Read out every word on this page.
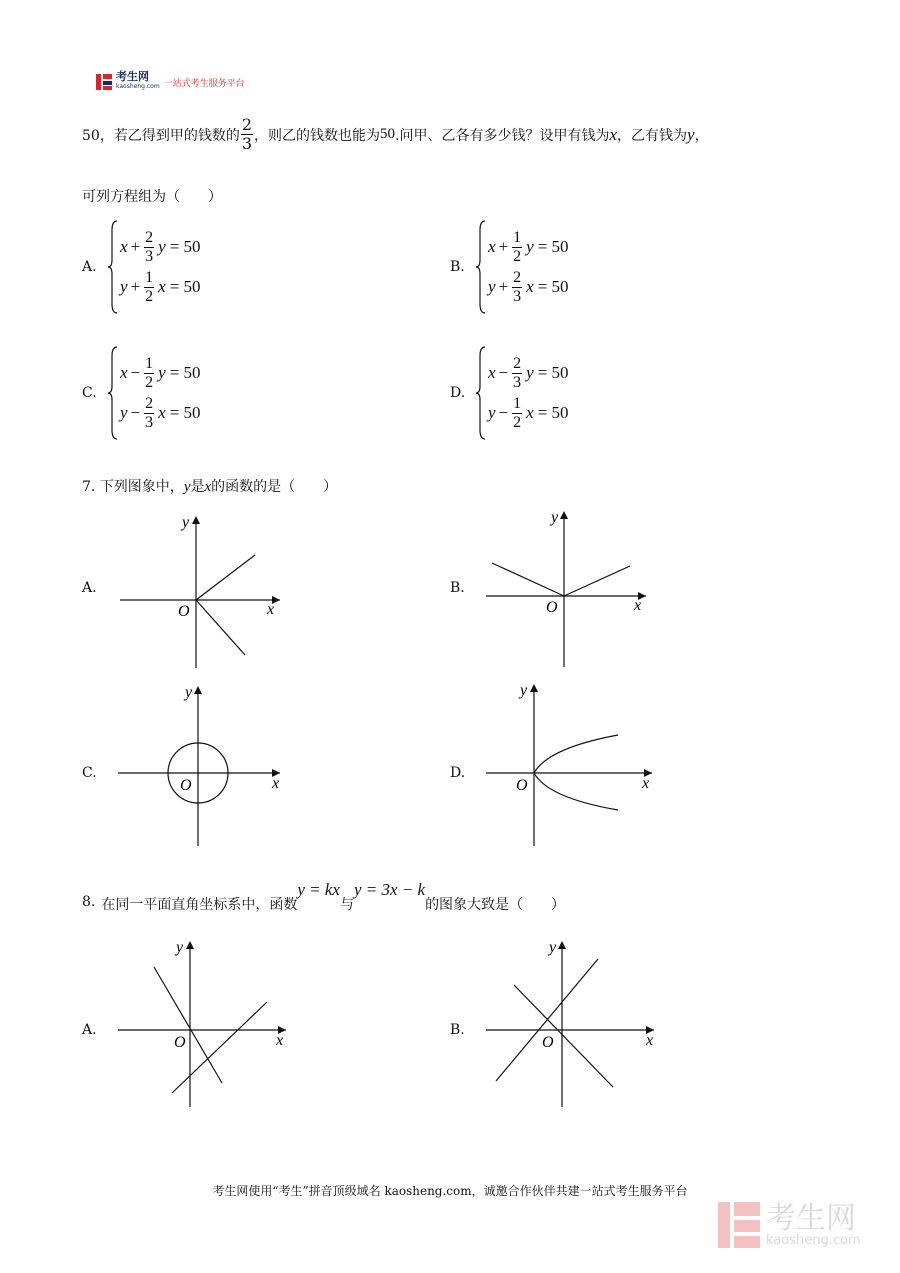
考生网
kaosheng.com 一站式考生服务平台
50，若乙得到甲的钱数的 $\frac{2}{3}$ ，则乙的钱数也能为 50 .问甲、乙各有多少钱？设甲有钱为 x ，乙有钱为 y ，
可列方程组为（　　）
A.
$x + \frac{2}{3}$ y = 50
$y + \frac{1}{2}$ x = 50
B.
$x + \frac{1}{2}$ y = 50
$y + \frac{2}{3}$ x = 50
C.
$x - \frac{1}{2}$ y = 50
$y - \frac{2}{3}$ x = 50
D.
$x - \frac{2}{3}$ y = 50
$y - \frac{1}{2}$ x = 50
7. 下列图象中，y是x的函数的是（　　）
A.	B.
C.	D.
x
y
O	x
y
O
x
y
O	x
y
O
8. 在同一平面直角坐标系中，函数
y = kx
与
y = 3x − k
的图象大致是（　　）
A.	B.
x
y
O	x
y
O
考生网使用“考生”拼音顶级域名 kaosheng.com，诚邀合作伙伴共建一站式考生服务平台
考生网
kaosheng.com
